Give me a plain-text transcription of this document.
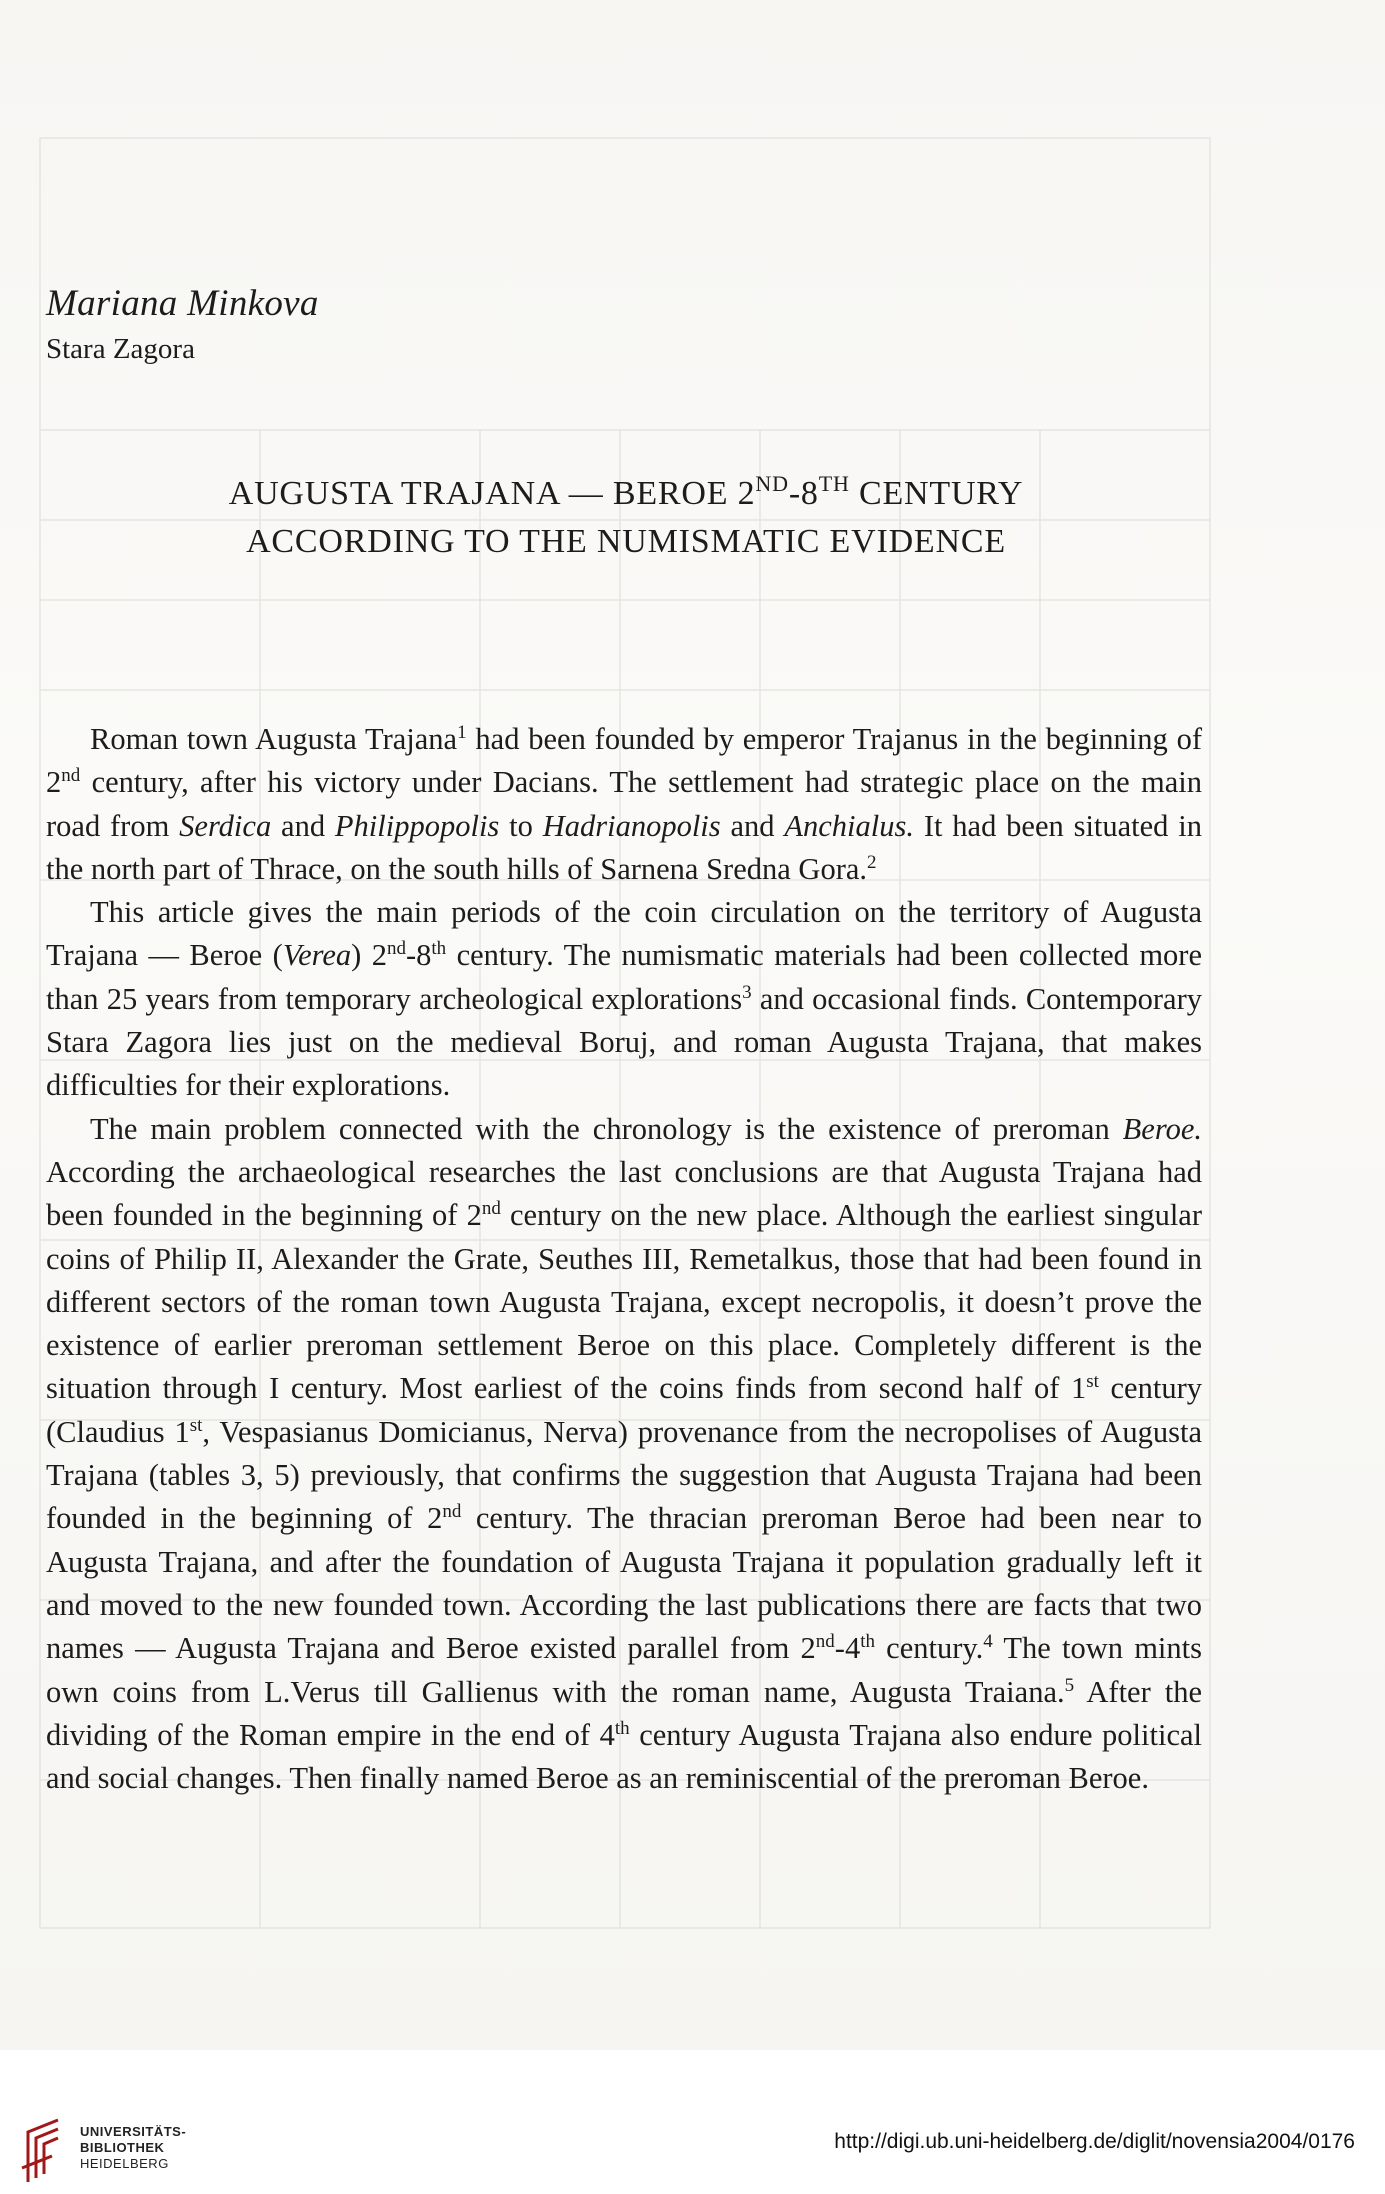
Mariana Minkova
Stara Zagora
AUGUSTA TRAJANA — BEROE 2ND-8TH CENTURY
ACCORDING TO THE NUMISMATIC EVIDENCE

Roman town Augusta Trajana$^1$ had been founded by emperor Trajanus in the beginning of 2nd century, after his victory under Dacians. The settlement had strategic place on the main road from Serdica and Philippopolis to Hadrianopolis and Anchialus. It had been situated in the north part of Thrace, on the south hills of Sarnena Sredna Gora.$^2$

This article gives the main periods of the coin circulation on the territory of Augusta Trajana — Beroe (Verea) 2nd-8th century. The numismatic materials had been collected more than 25 years from temporary archeological explorations$^3$ and occasional finds. Contemporary Stara Zagora lies just on the medieval Boruj, and roman Augusta Trajana, that makes difficulties for their explorations.

The main problem connected with the chronology is the existence of preroman Beroe. According the archaeological researches the last conclusions are that Augusta Trajana had been founded in the beginning of 2nd century on the new place. Although the earliest singular coins of Philip II, Alexander the Grate, Seuthes III, Remetalkus, those that had been found in different sectors of the roman town Augusta Trajana, except necropolis, it doesn’t prove the existence of earlier preroman settlement Beroe on this place. Completely different is the situation through I century. Most earliest of the coins finds from second half of 1st century (Claudius 1st, Vespasianus Domicianus, Nerva) provenance from the necropolises of Augusta Trajana (tables 3, 5) previously, that confirms the suggestion that Augusta Trajana had been founded in the beginning of 2nd century. The thracian preroman Beroe had been near to Augusta Trajana, and after the foundation of Augusta Trajana it population gradually left it and moved to the new founded town. According the last publications there are facts that two names — Augusta Trajana and Beroe existed parallel from 2nd-4th century.$^4$ The town mints own coins from L.Verus till Gallienus with the roman name, Augusta Traiana.$^5$ After the dividing of the Roman empire in the end of 4th century Augusta Trajana also endure political and social changes. Then finally named Beroe as an reminiscential of the preroman Beroe.

UNIVERSITÄTS-
BIBLIOTHEK
HEIDELBERG
http://digi.ub.uni-heidelberg.de/diglit/novensia2004/0176
